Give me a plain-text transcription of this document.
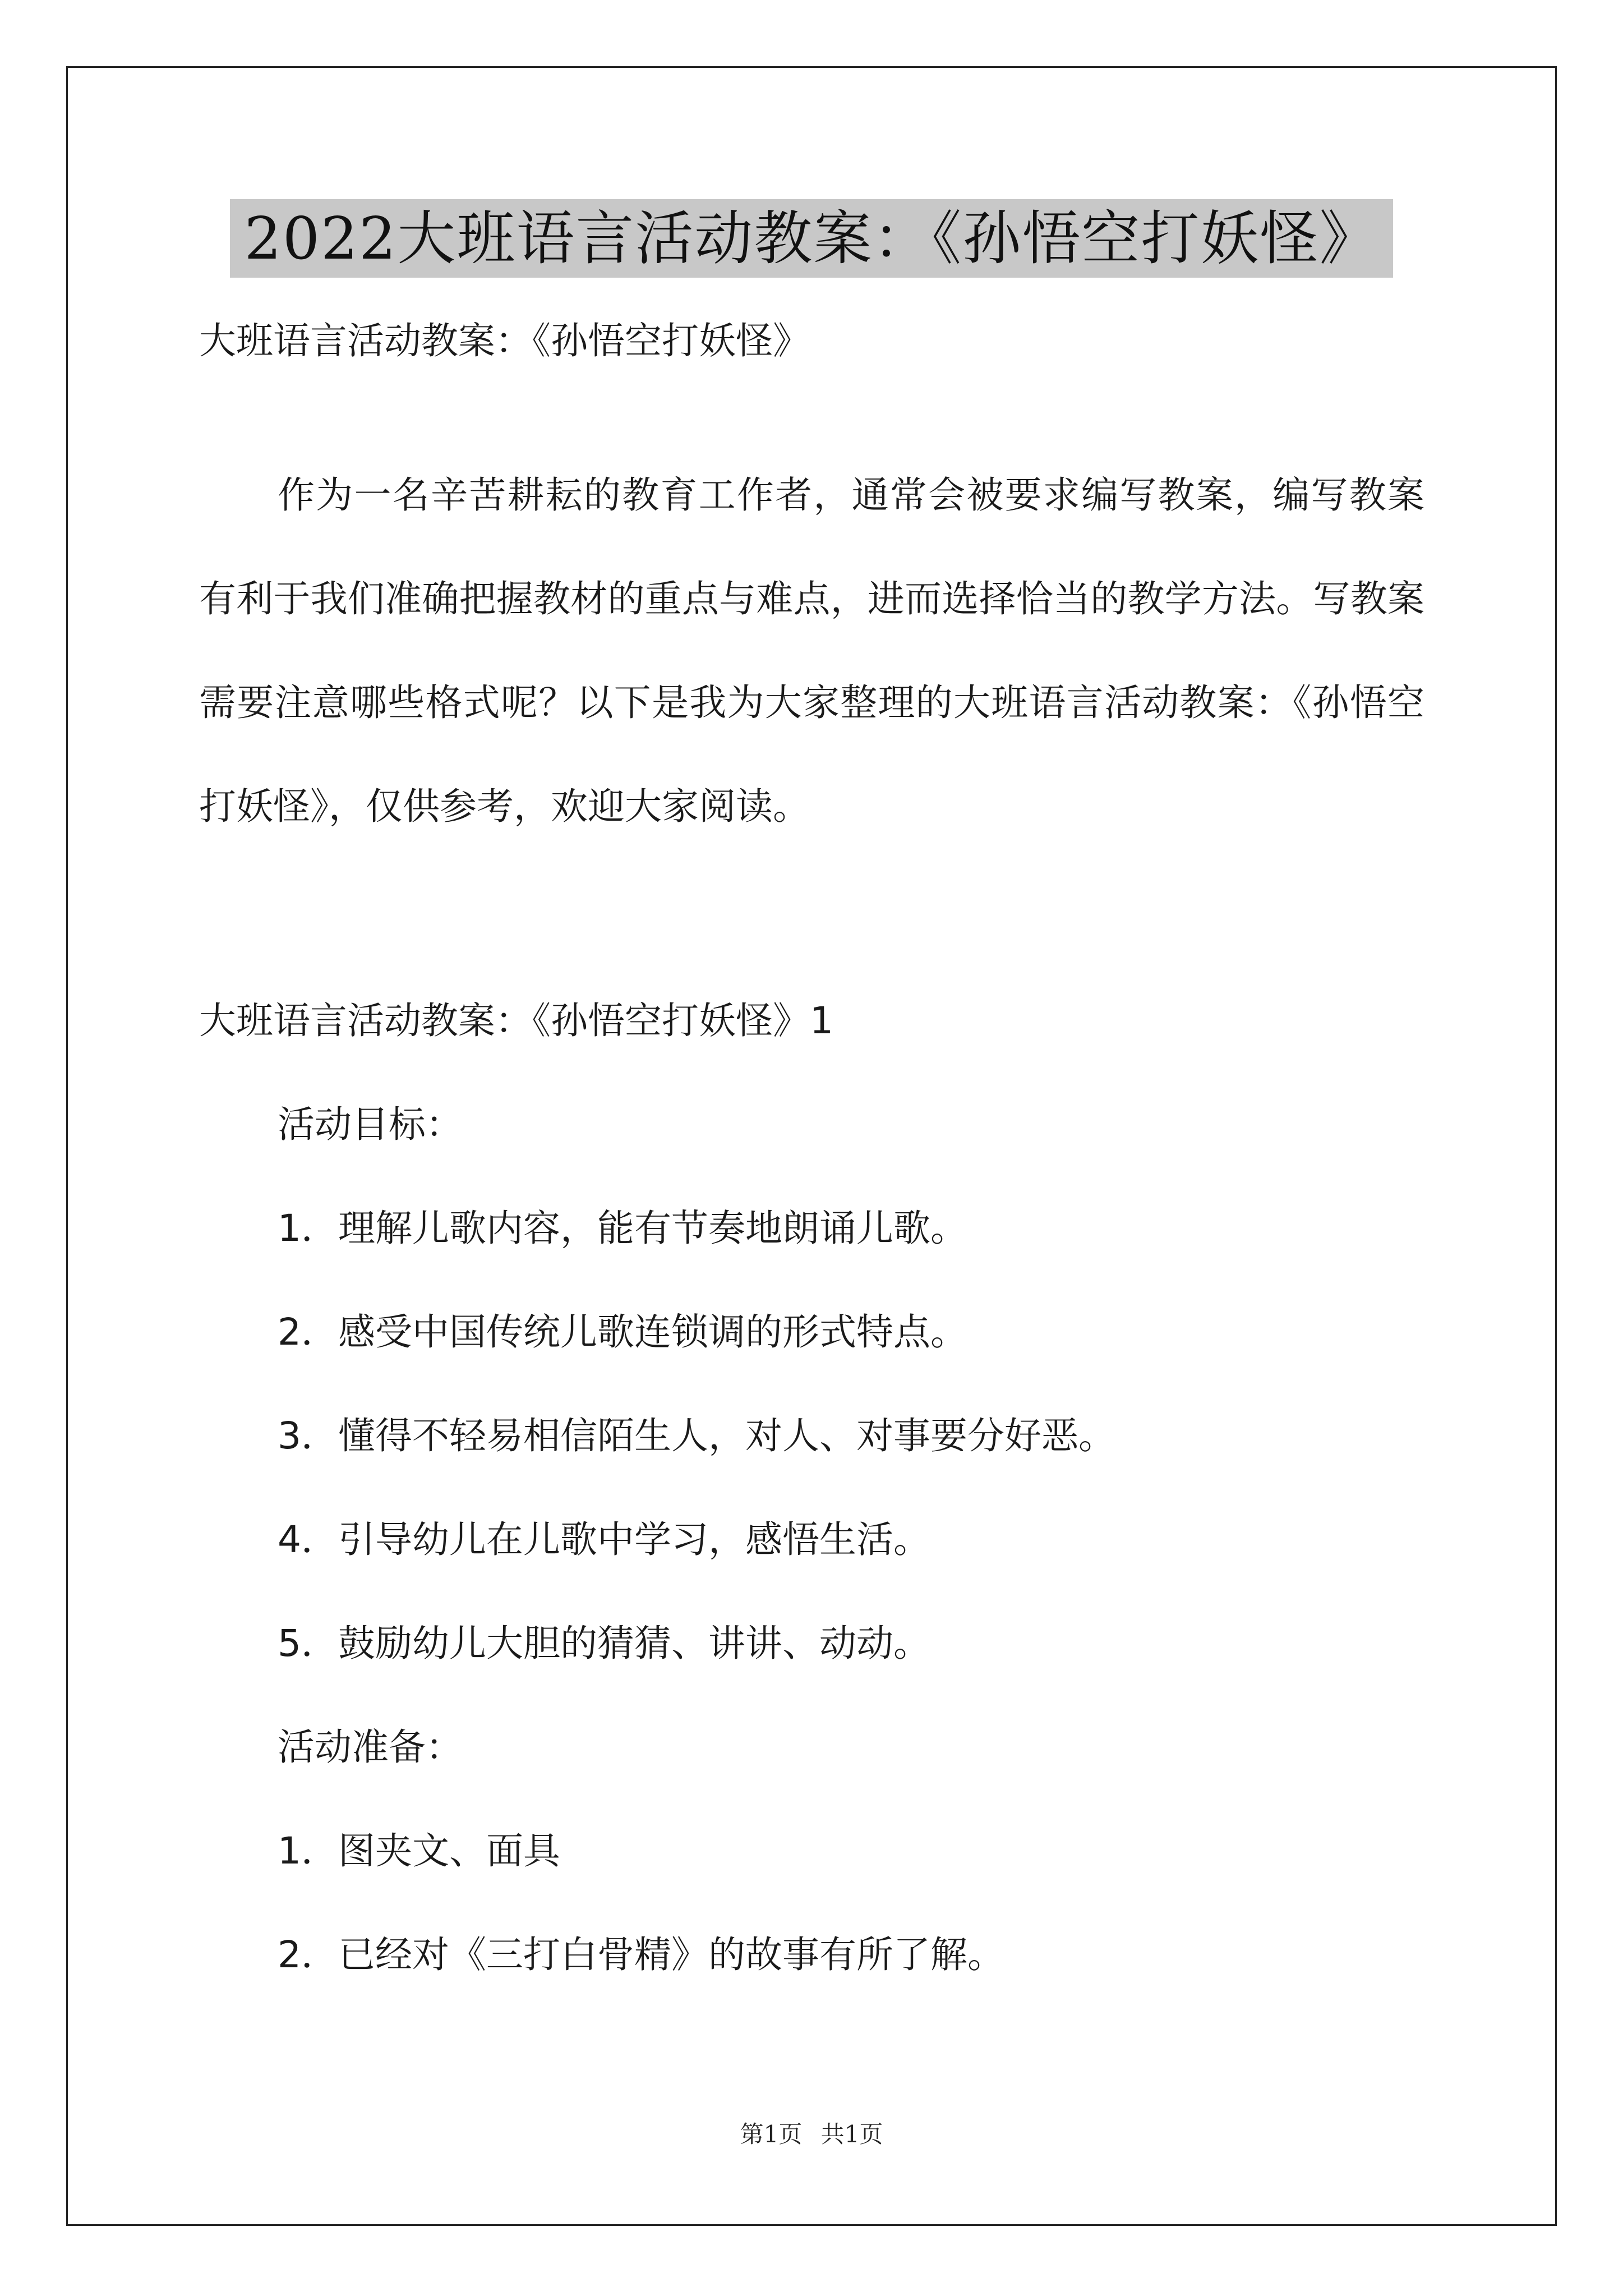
2022大班语言活动教案：《孙悟空打妖怪》
大班语言活动教案：《孙悟空打妖怪》
作为一名辛苦耕耘的教育工作者，通常会被要求编写教案，编写教案有利于我们准确把握教材的重点与难点，进而选择恰当的教学方法。写教案需要注意哪些格式呢？以下是我为大家整理的大班语言活动教案：《孙悟空打妖怪》，仅供参考，欢迎大家阅读。
大班语言活动教案：《孙悟空打妖怪》1
活动目标：
1．理解儿歌内容，能有节奏地朗诵儿歌。
2．感受中国传统儿歌连锁调的形式特点。
3．懂得不轻易相信陌生人，对人、对事要分好恶。
4．引导幼儿在儿歌中学习，感悟生活。
5．鼓励幼儿大胆的猜猜、讲讲、动动。
活动准备：
1．图夹文、面具
2．已经对《三打白骨精》的故事有所了解。
第1页 共1页
